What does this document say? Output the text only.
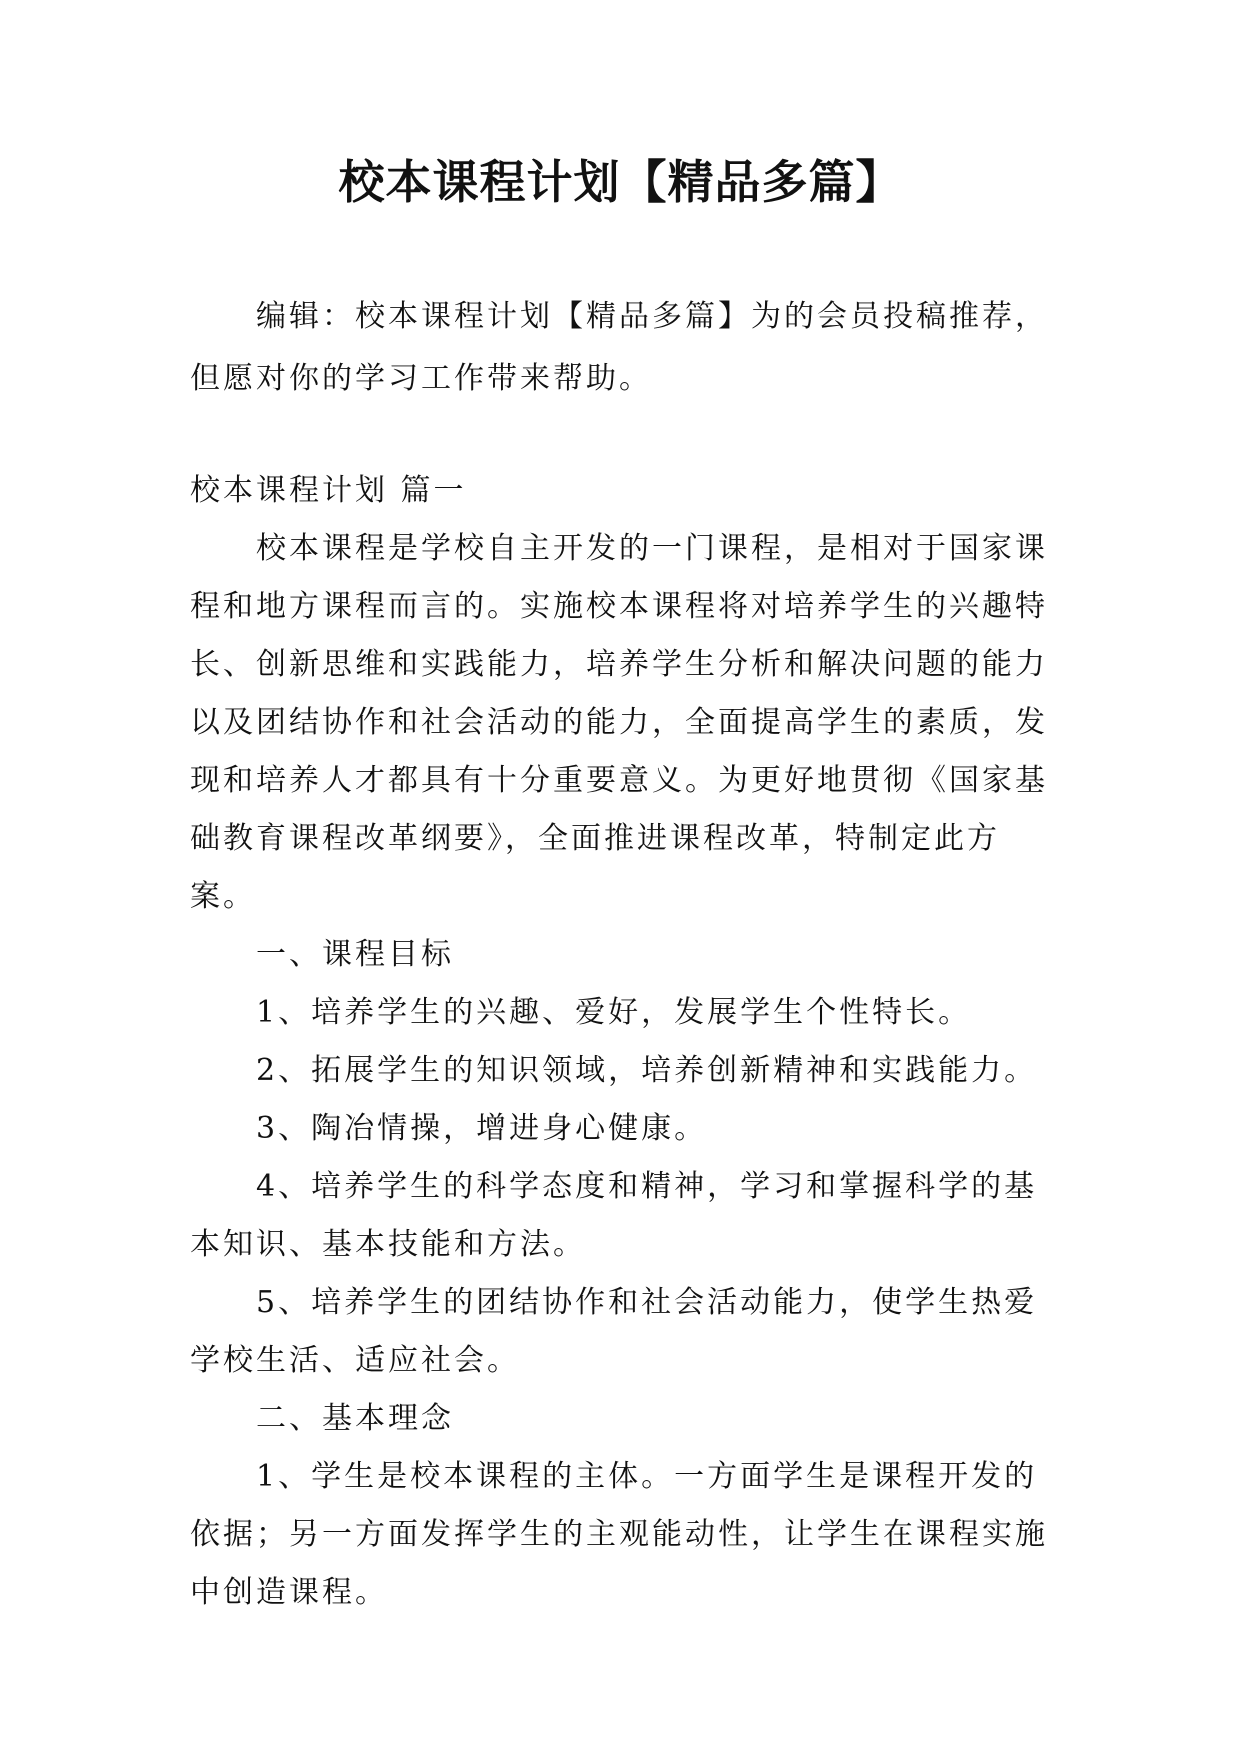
校本课程计划【精品多篇】

编辑：校本课程计划【精品多篇】为的会员投稿推荐，但愿对你的学习工作带来帮助。

校本课程计划 篇一

校本课程是学校自主开发的一门课程，是相对于国家课程和地方课程而言的。实施校本课程将对培养学生的兴趣特长、创新思维和实践能力，培养学生分析和解决问题的能力以及团结协作和社会活动的能力，全面提高学生的素质，发现和培养人才都具有十分重要意义。为更好地贯彻《国家基础教育课程改革纲要》，全面推进课程改革，特制定此方案。

一、课程目标

1、培养学生的兴趣、爱好，发展学生个性特长。

2、拓展学生的知识领域，培养创新精神和实践能力。

3、陶冶情操，增进身心健康。

4、培养学生的科学态度和精神，学习和掌握科学的基本知识、基本技能和方法。

5、培养学生的团结协作和社会活动能力，使学生热爱学校生活、适应社会。

二、基本理念

1、学生是校本课程的主体。一方面学生是课程开发的依据；另一方面发挥学生的主观能动性，让学生在课程实施中创造课程。
